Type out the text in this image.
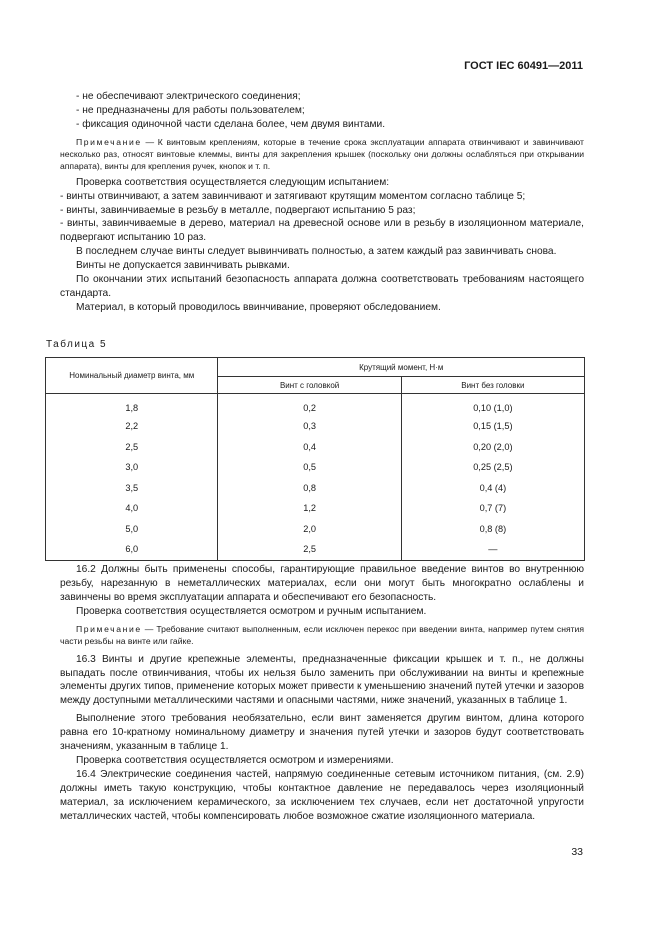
ГОСТ IEC 60491—2011

- не обеспечивают электрического соединения;

- не предназначены для работы пользователем;

- фиксация одиночной части сделана более, чем двумя винтами.

Примечание — К винтовым креплениям, которые в течение срока эксплуатации аппарата отвинчивают и завинчивают несколько раз, относят винтовые клеммы, винты для закрепления крышек (поскольку они должны ослабляться при открывании аппарата), винты для крепления ручек, кнопок и т. п.

Проверка соответствия осуществляется следующим испытанием:

- винты отвинчивают, а затем завинчивают и затягивают крутящим моментом согласно таблице 5;

- винты, завинчиваемые в резьбу в металле, подвергают испытанию 5 раз;

- винты, завинчиваемые в дерево, материал на древесной основе или в резьбу в изоляционном материале, подвергают испытанию 10 раз.

В последнем случае винты следует вывинчивать полностью, а затем каждый раз завинчивать снова.

Винты не допускается завинчивать рывками.

По окончании этих испытаний безопасность аппарата должна соответствовать требованиям настоящего стандарта.

Материал, в который проводилось ввинчивание, проверяют обследованием.

Таблица 5
Номинальный диаметр винта, мм	Крутящий момент, Н·м	
	Винт с головкой	Винт без головки
1,8	0,2	0,10 (1,0)
2,2	0,3	0,15 (1,5)
2,5	0,4	0,20 (2,0)
3,0	0,5	0,25 (2,5)
3,5	0,8	0,4 (4)
4,0	1,2	0,7 (7)
5,0	2,0	0,8 (8)
6,0	2,5	—

16.2 Должны быть применены способы, гарантирующие правильное введение винтов во внутреннюю резьбу, нарезанную в неметаллических материалах, если они могут быть многократно ослаблены и завинчены во время эксплуатации аппарата и обеспечивают его безопасность.

Проверка соответствия осуществляется осмотром и ручным испытанием.

Примечание — Требование считают выполненным, если исключен перекос при введении винта, например путем снятия части резьбы на винте или гайке.

16.3 Винты и другие крепежные элементы, предназначенные фиксации крышек и т. п., не должны выпадать после отвинчивания, чтобы их нельзя было заменить при обслуживании на винты и крепежные элементы других типов, применение которых может привести к уменьшению значений путей утечки и зазоров между доступными металлическими частями и опасными частями, ниже значений, указанных в таблице 1.

Выполнение этого требования необязательно, если винт заменяется другим винтом, длина которого равна его 10-кратному номинальному диаметру и значения путей утечки и зазоров будут соответствовать значениям, указанным в таблице 1.

Проверка соответствия осуществляется осмотром и измерениями.

16.4 Электрические соединения частей, напрямую соединенные сетевым источником питания, (см. 2.9) должны иметь такую конструкцию, чтобы контактное давление не передавалось через изоляционный материал, за исключением керамического, за исключением тех случаев, если нет достаточной упругости металлических частей, чтобы компенсировать любое возможное сжатие изоляционного материала.

33
